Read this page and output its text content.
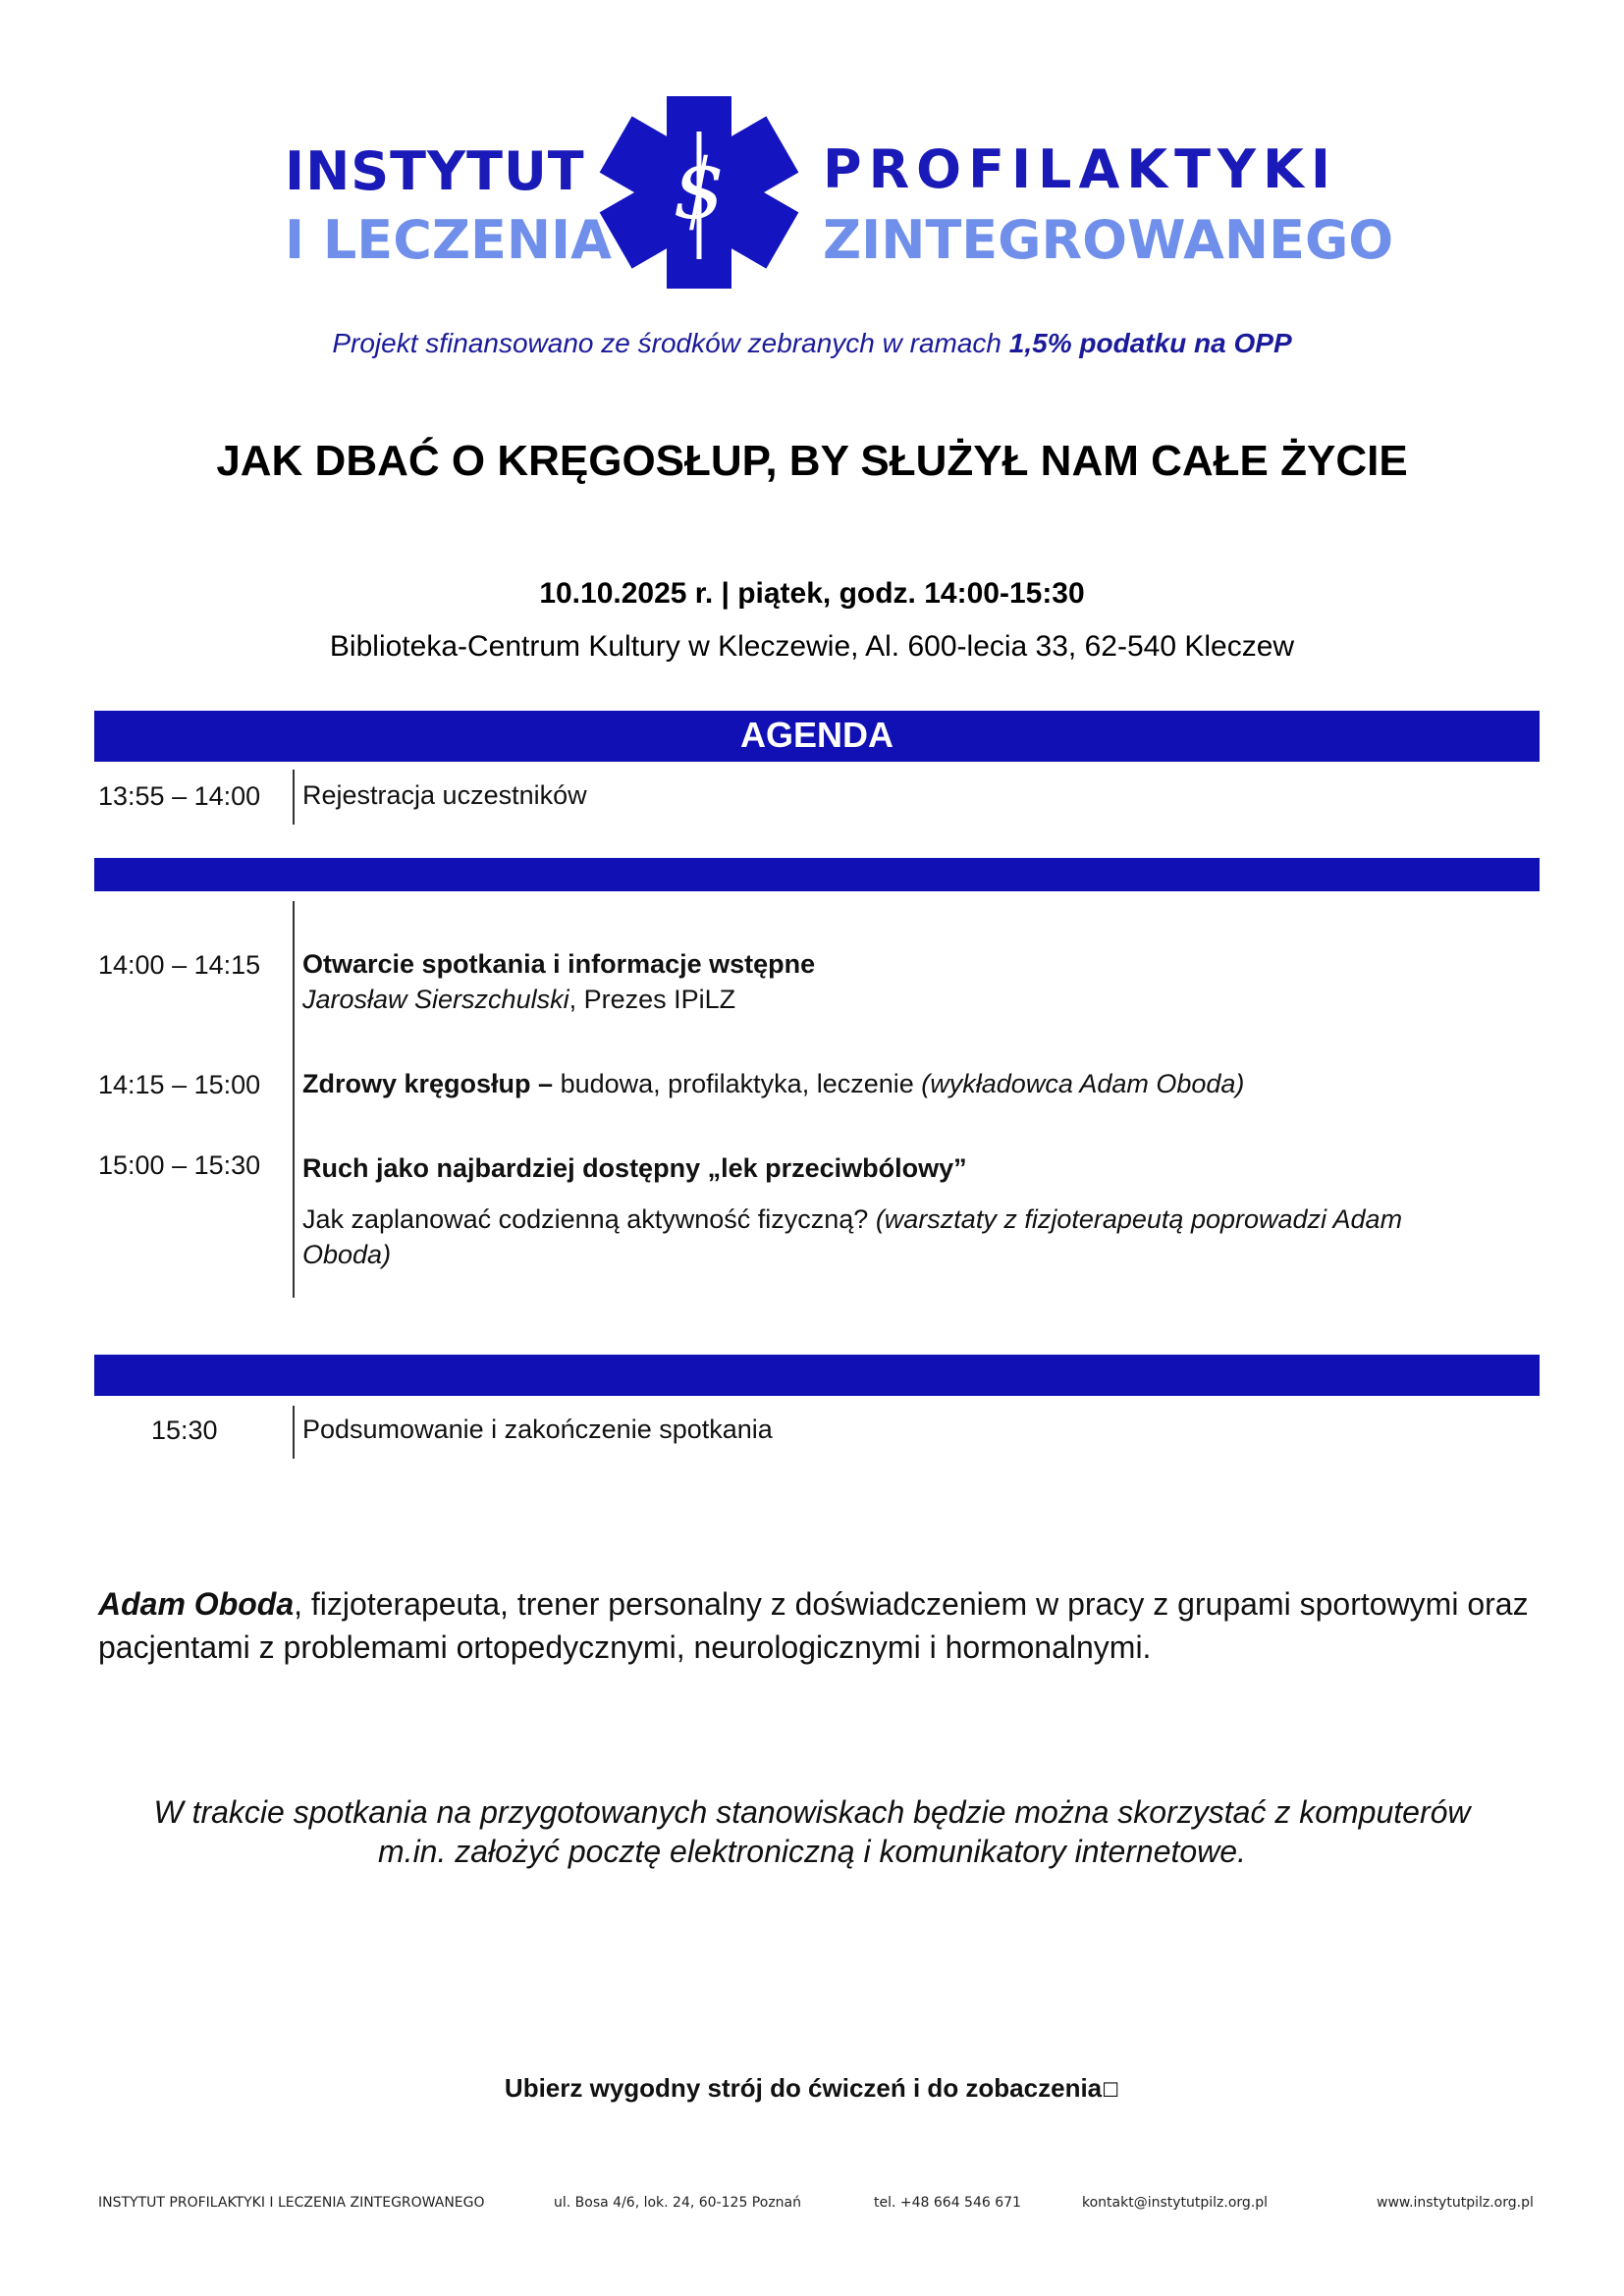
INSTYTUT
I LECZENIA
$ PROFILAKTYKI
ZINTEGROWANEGO
Projekt sfinansowano ze środków zebranych w ramach 1,5% podatku na OPP
JAK DBAĆ O KRĘGOSŁUP, BY SŁUŻYŁ NAM CAŁE ŻYCIE
10.10.2025 r. | piątek, godz. 14:00-15:30
Biblioteka-Centrum Kultury w Kleczewie, Al. 600-lecia 33, 62-540 Kleczew
AGENDA
13:55 – 14:00 Rejestracja uczestników
14:00 – 14:15 Otwarcie spotkania i informacje wstępne
Jarosław Sierszchulski, Prezes IPiLZ
14:15 – 15:00 Zdrowy kręgosłup – budowa, profilaktyka, leczenie (wykładowca Adam Oboda)
15:00 – 15:30 Ruch jako najbardziej dostępny „lek przeciwbólowy”
Jak zaplanować codzienną aktywność fizyczną? (warsztaty z fizjoterapeutą poprowadzi Adam Oboda)
15:30	Podsumowanie i zakończenie spotkania
Adam Oboda, fizjoterapeuta, trener personalny z doświadczeniem w pracy z grupami sportowymi oraz pacjentami z problemami ortopedycznymi, neurologicznymi i hormonalnymi.
W trakcie spotkania na przygotowanych stanowiskach będzie można skorzystać z komputerów
m.in. założyć pocztę elektroniczną i komunikatory internetowe.
Ubierz wygodny strój do ćwiczeń i do zobaczenia☐
INSTYTUT PROFILAKTYKI I LECZENIA ZINTEGROWANEGO	ul. Bosa 4/6, lok. 24, 60-125 Poznań	tel. +48 664 546 671	kontakt@instytutpilz.org.pl	www.instytutpilz.org.pl
